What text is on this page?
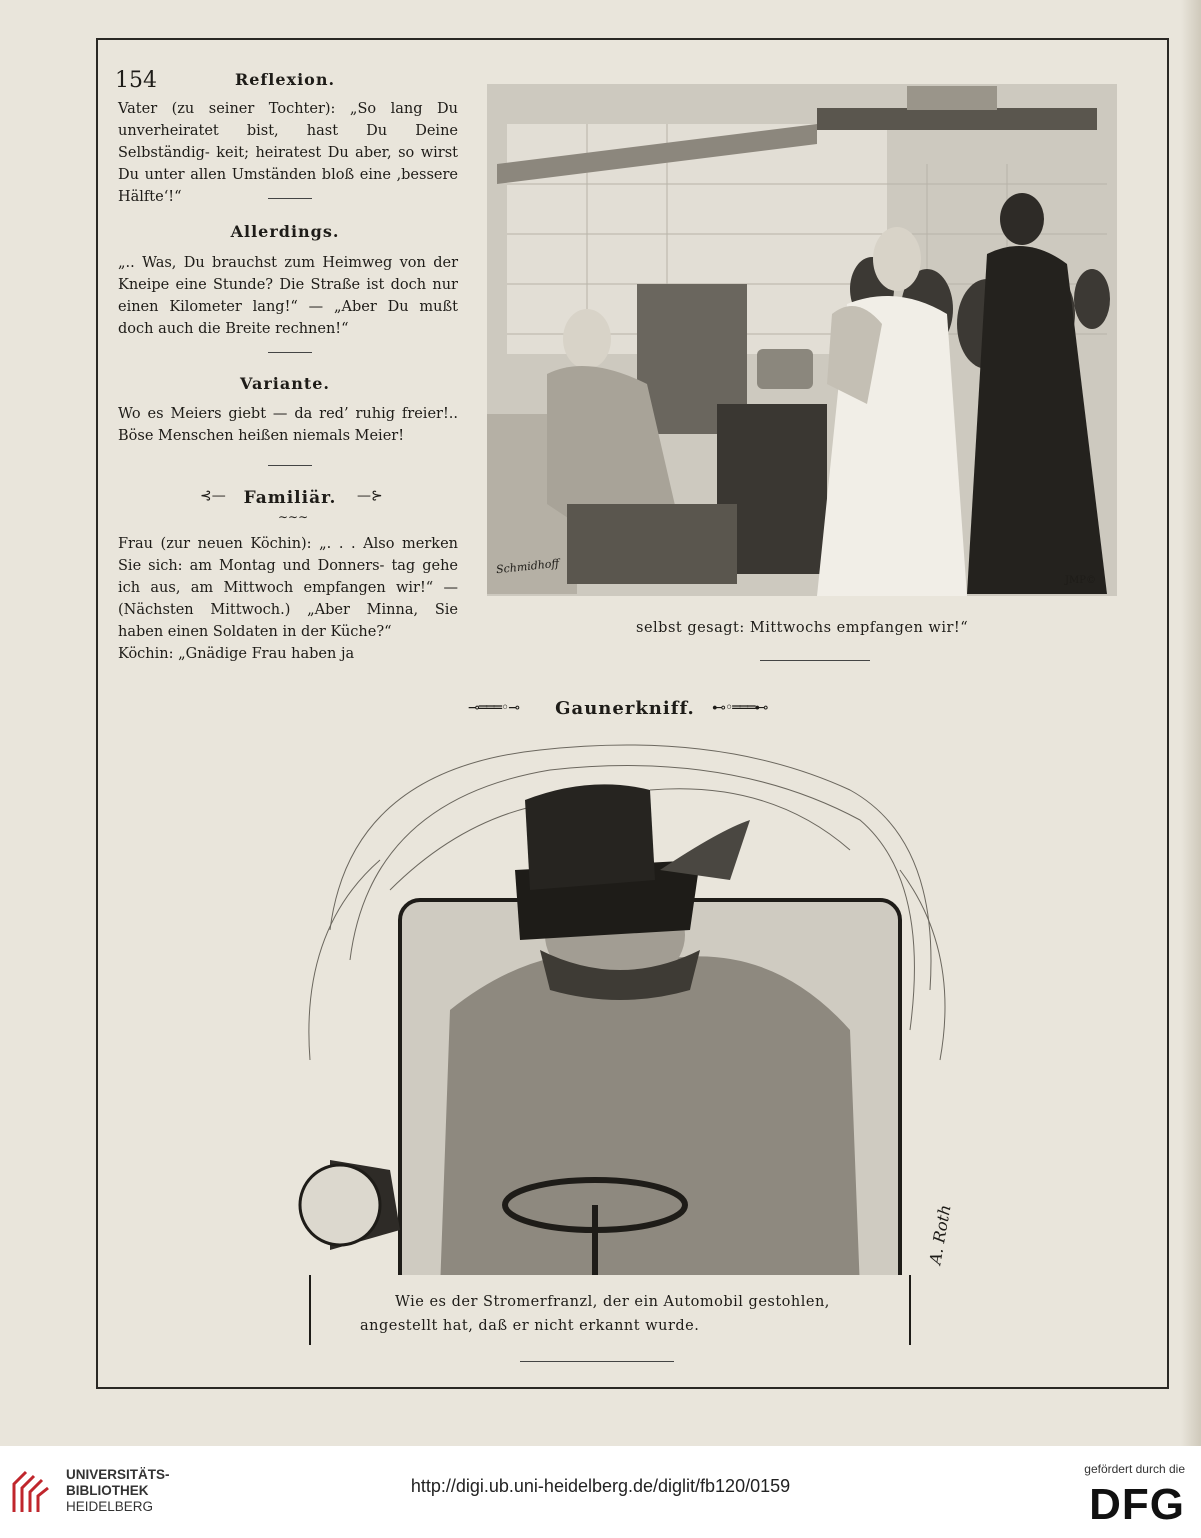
154	Reflexion.
Vater (zu seiner Tochter): „So lang Du unverheiratet bist, hast Du Deine Selbständig- keit; heiratest Du aber, so wirst Du unter allen Umständen bloß eine ‚bessere Hälfte‘!“
Allerdings.
„.. Was, Du brauchst zum Heimweg von der Kneipe eine Stunde? Die Straße ist doch nur einen Kilometer lang!“ — „Aber Du mußt doch auch die Breite rechnen!“
Variante.
Wo es Meiers giebt — da red’ ruhig freier!.. Böse Menschen heißen niemals Meier!
⊰—	Familiär.	—⊱
∼∼∼
Frau (zur neuen Köchin): „. . . Also merken Sie sich: am Montag und Donners- tag gehe ich aus, am Mittwoch empfangen wir!“ — (Nächsten Mittwoch.) „Aber Minna, Sie haben einen Soldaten in der Küche?“
Köchin: „Gnädige Frau haben ja
Schmidhoff
JMP©
selbst gesagt: Mittwochs empfangen wir!“
⊸═══◦⊸ Gaunerkniff.	⊷◦═══⊷
A. Roth
Wie es der Stromerfranzl, der ein Automobil gestohlen,
angestellt hat, daß er nicht erkannt wurde.
UNIVERSITÄTS-
BIBLIOTHEK
HEIDELBERG
http://digi.ub.uni-heidelberg.de/diglit/fb120/0159
gefördert durch die
DFG
